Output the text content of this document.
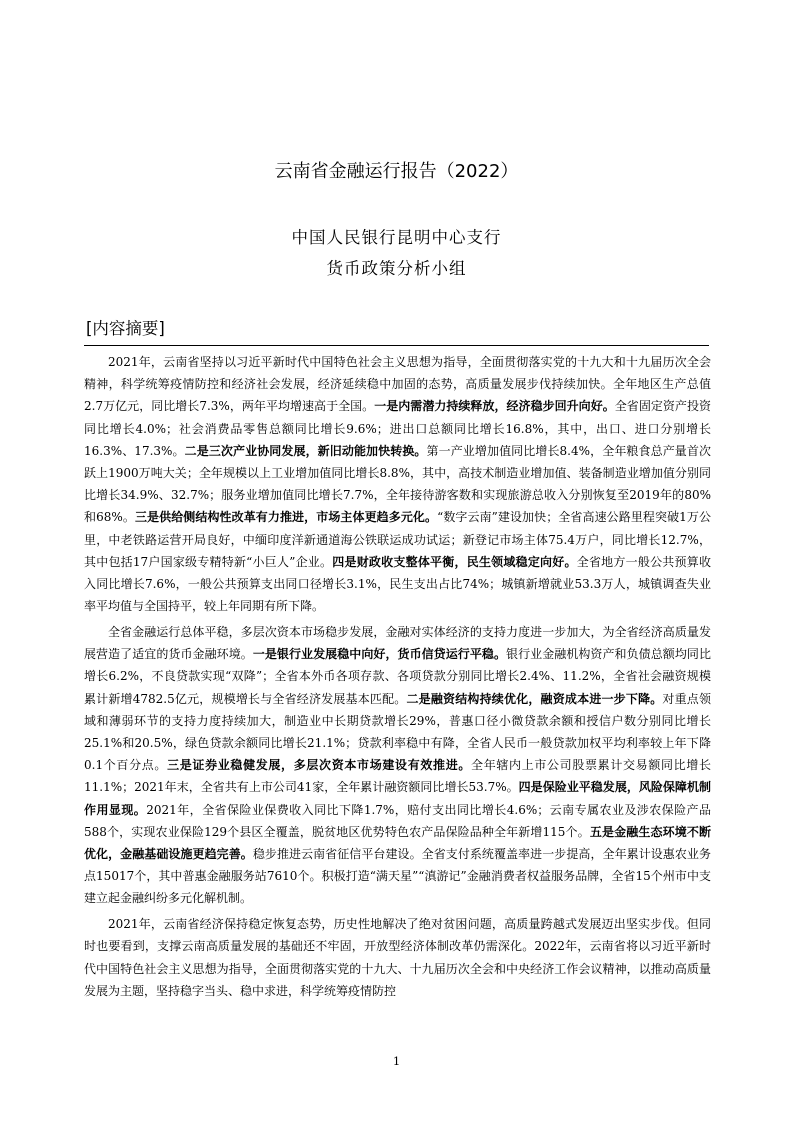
云南省金融运行报告（2022）
中国人民银行昆明中心支行
货币政策分析小组
[内容摘要]

2021年，云南省坚持以习近平新时代中国特色社会主义思想为指导，全面贯彻落实党的十九大和十九届历次全会精神，科学统筹疫情防控和经济社会发展，经济延续稳中加固的态势，高质量发展步伐持续加快。全年地区生产总值2.7万亿元，同比增长7.3%，两年平均增速高于全国。一是内需潜力持续释放，经济稳步回升向好。全省固定资产投资同比增长4.0%；社会消费品零售总额同比增长9.6%；进出口总额同比增长16.8%，其中，出口、进口分别增长16.3%、17.3%。二是三次产业协同发展，新旧动能加快转换。第一产业增加值同比增长8.4%，全年粮食总产量首次跃上1900万吨大关；全年规模以上工业增加值同比增长8.8%，其中，高技术制造业增加值、装备制造业增加值分别同比增长34.9%、32.7%；服务业增加值同比增长7.7%，全年接待游客数和实现旅游总收入分别恢复至2019年的80%和68%。三是供给侧结构性改革有力推进，市场主体更趋多元化。“数字云南”建设加快；全省高速公路里程突破1万公里，中老铁路运营开局良好，中缅印度洋新通道海公铁联运成功试运；新登记市场主体75.4万户，同比增长12.7%，其中包括17户国家级专精特新“小巨人”企业。四是财政收支整体平衡，民生领域稳定向好。全省地方一般公共预算收入同比增长7.6%，一般公共预算支出同口径增长3.1%，民生支出占比74%；城镇新增就业53.3万人，城镇调查失业率平均值与全国持平，较上年同期有所下降。

全省金融运行总体平稳，多层次资本市场稳步发展，金融对实体经济的支持力度进一步加大，为全省经济高质量发展营造了适宜的货币金融环境。一是银行业发展稳中向好，货币信贷运行平稳。银行业金融机构资产和负债总额均同比增长6.2%，不良贷款实现“双降”；全省本外币各项存款、各项贷款分别同比增长2.4%、11.2%，全省社会融资规模累计新增4782.5亿元，规模增长与全省经济发展基本匹配。二是融资结构持续优化，融资成本进一步下降。对重点领域和薄弱环节的支持力度持续加大，制造业中长期贷款增长29%，普惠口径小微贷款余额和授信户数分别同比增长25.1%和20.5%，绿色贷款余额同比增长21.1%；贷款利率稳中有降，全省人民币一般贷款加权平均利率较上年下降0.1个百分点。三是证券业稳健发展，多层次资本市场建设有效推进。全年辖内上市公司股票累计交易额同比增长11.1%；2021年末，全省共有上市公司41家，全年累计融资额同比增长53.7%。四是保险业平稳发展，风险保障机制作用显现。2021年，全省保险业保费收入同比下降1.7%，赔付支出同比增长4.6%；云南专属农业及涉农保险产品588个，实现农业保险129个县区全覆盖，脱贫地区优势特色农产品保险品种全年新增115个。五是金融生态环境不断优化，金融基础设施更趋完善。稳步推进云南省征信平台建设。全省支付系统覆盖率进一步提高，全年累计设惠农业务点15017个，其中普惠金融服务站7610个。积极打造“满天星”“滇游记”金融消费者权益服务品牌，全省15个州市中支建立起金融纠纷多元化解机制。

2021年，云南省经济保持稳定恢复态势，历史性地解决了绝对贫困问题，高质量跨越式发展迈出坚实步伐。但同时也要看到，支撑云南高质量发展的基础还不牢固，开放型经济体制改革仍需深化。2022年，云南省将以习近平新时代中国特色社会主义思想为指导，全面贯彻落实党的十九大、十九届历次全会和中央经济工作会议精神，以推动高质量发展为主题，坚持稳字当头、稳中求进，科学统筹疫情防控

1
